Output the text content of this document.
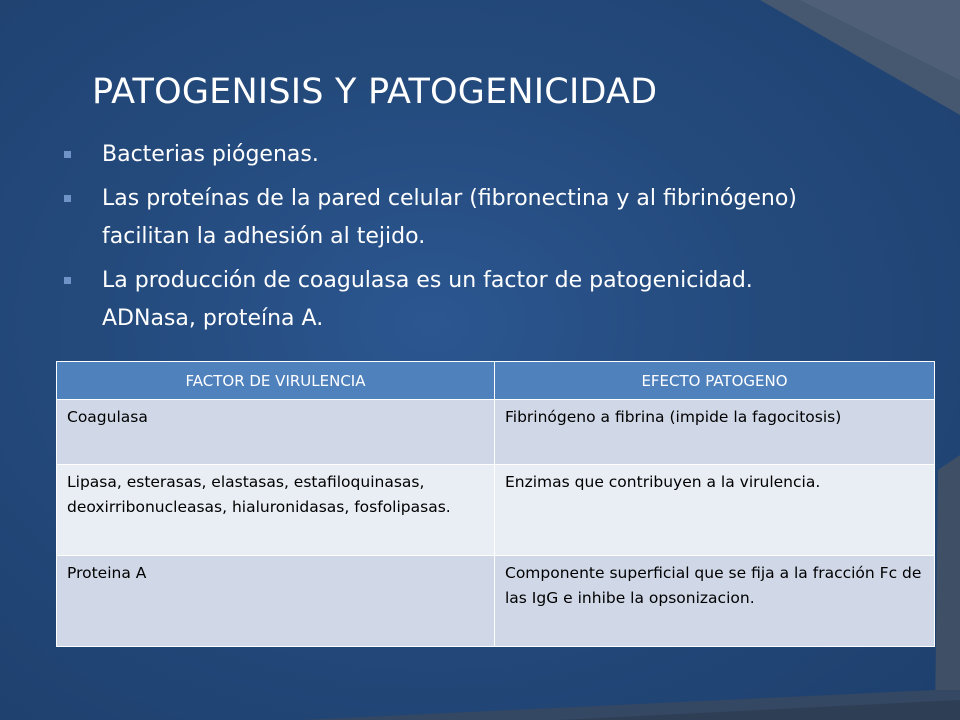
PATOGENISIS Y PATOGENICIDAD
Bacterias piógenas.
Las proteínas de la pared celular (fibronectina y al fibrinógeno) facilitan la adhesión al tejido.
La producción de coagulasa es un factor de patogenicidad. ADNasa, proteína A.
FACTOR DE VIRULENCIA	EFECTO PATOGENO
Coagulasa	Fibrinógeno a fibrina (impide la fagocitosis)
Lipasa, esterasas, elastasas, estafiloquinasas, deoxirribonucleasas, hialuronidasas, fosfolipasas.	Enzimas que contribuyen a la virulencia.
Proteina A	Componente superficial que se fija a la fracción Fc de las IgG e inhibe la opsonizacion.
